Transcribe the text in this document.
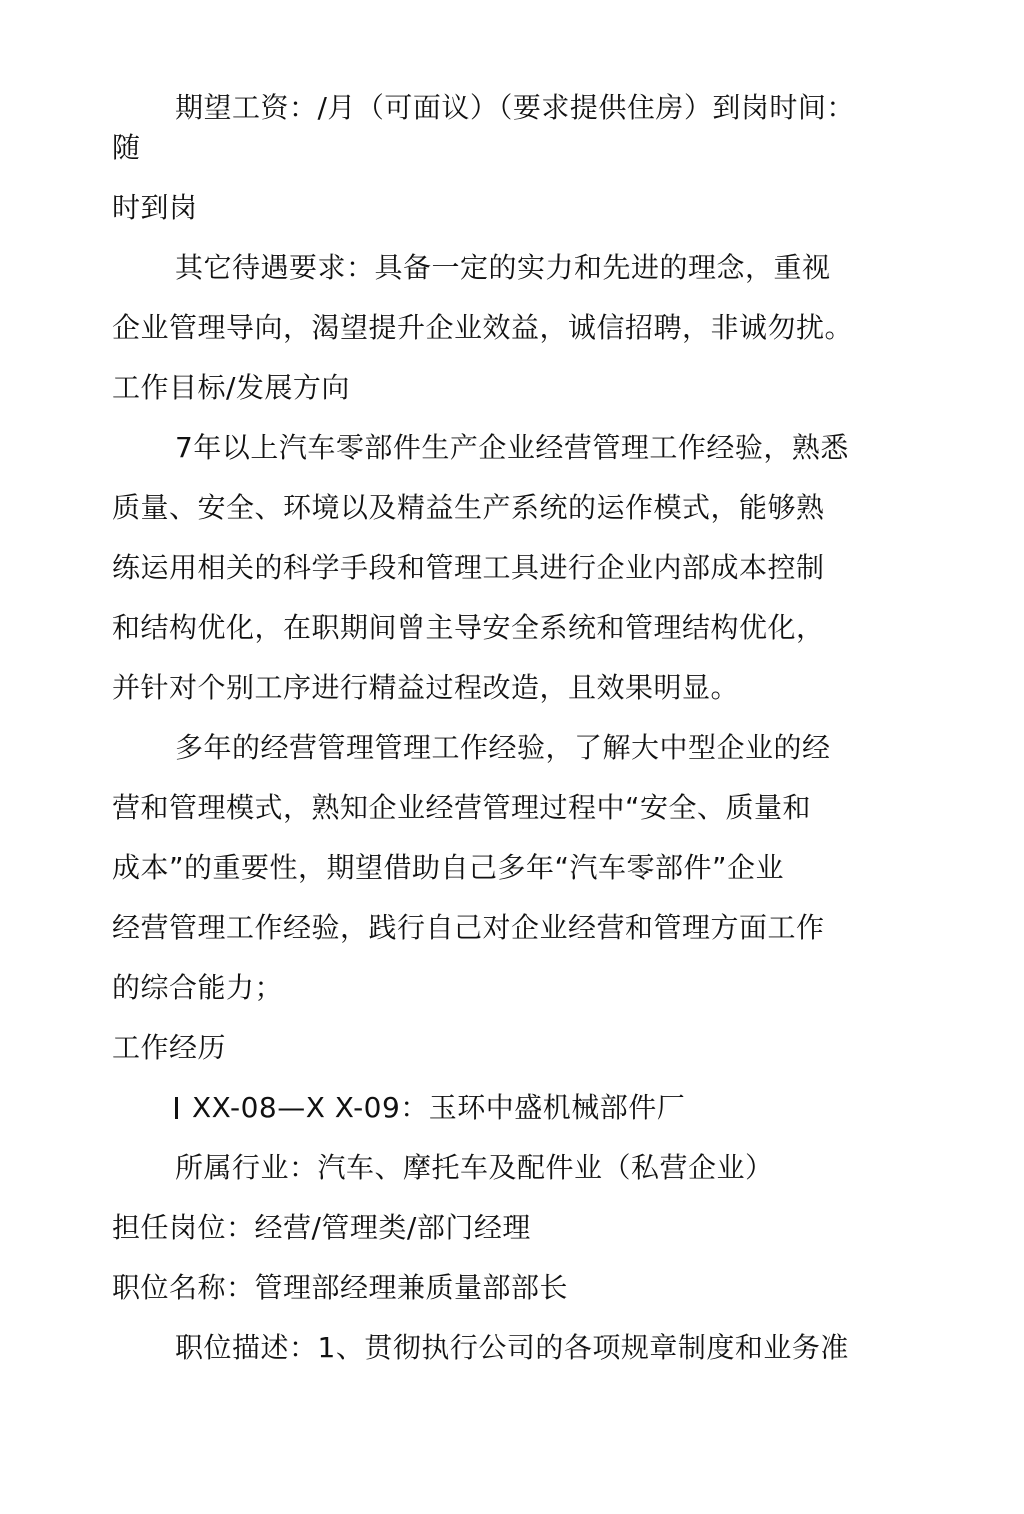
期望工资：/月（可面议）（要求提供住房）到岗时间：
随
时到岗
其它待遇要求：具备一定的实力和先进的理念，重视
企业管理导向，渴望提升企业效益，诚信招聘，非诚勿扰。
工作目标/发展方向
7年以上汽车零部件生产企业经营管理工作经验，熟悉
质量、安全、环境以及精益生产系统的运作模式，能够熟
练运用相关的科学手段和管理工具进行企业内部成本控制
和结构优化，在职期间曾主导安全系统和管理结构优化，
并针对个别工序进行精益过程改造，且效果明显。
多年的经营管理管理工作经验，了解大中型企业的经
营和管理模式，熟知企业经营管理过程中“安全、质量和
成本”的重要性，期望借助自己多年“汽车零部件”企业
经营管理工作经验，践行自己对企业经营和管理方面工作
的综合能力；
工作经历
XX-08—X X-09：玉环中盛机械部件厂
所属行业：汽车、摩托车及配件业（私营企业）
担任岗位：经营/管理类/部门经理
职位名称：管理部经理兼质量部部长
职位描述：1、贯彻执行公司的各项规章制度和业务准
